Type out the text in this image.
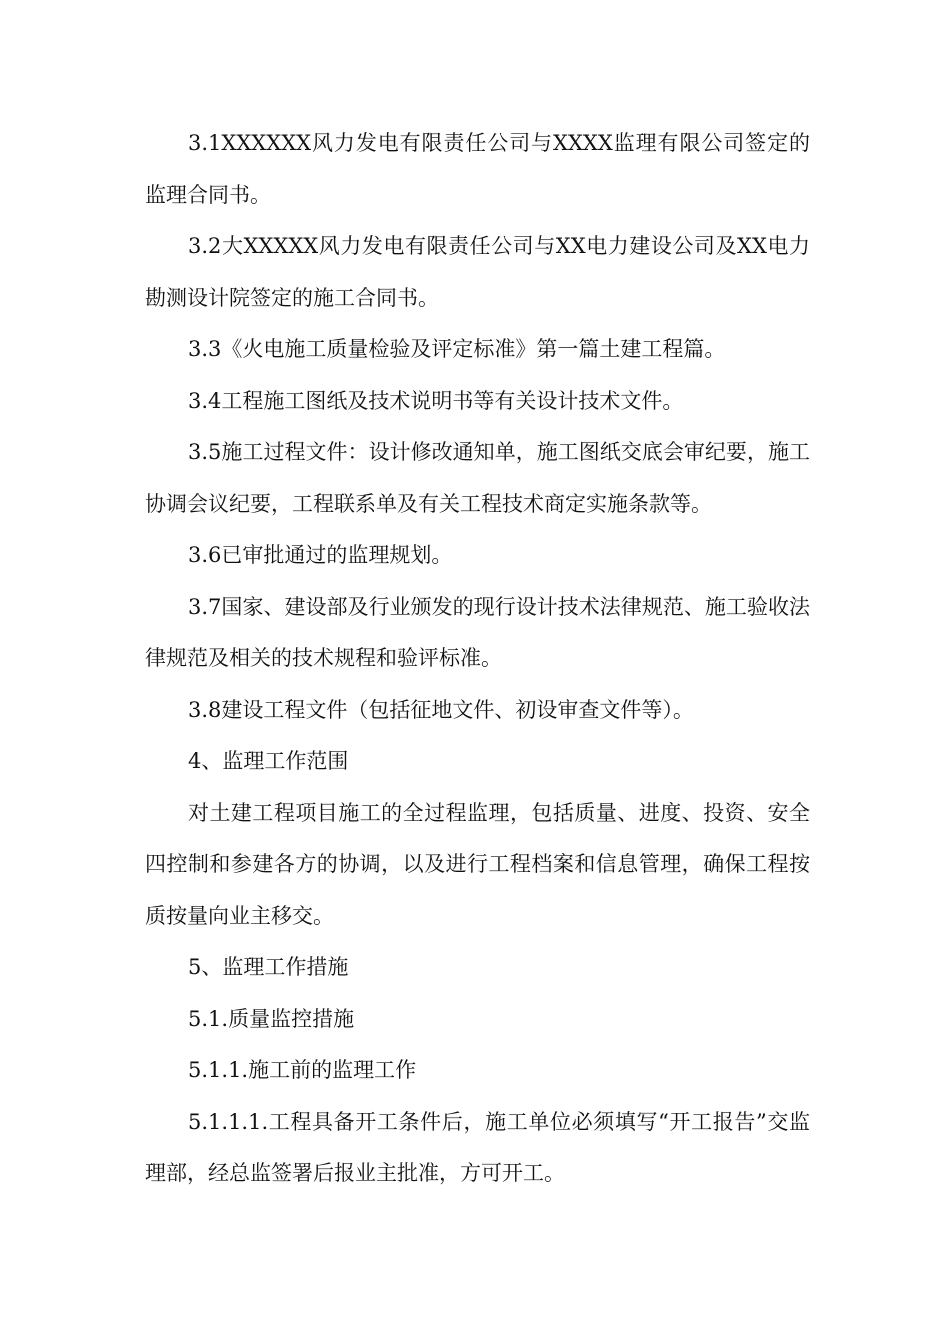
3.1XXXXXX风力发电有限责任公司与XXXX监理有限公司签定的监理合同书。

3.2大XXXXX风力发电有限责任公司与XX电力建设公司及XX电力勘测设计院签定的施工合同书。

3.3《火电施工质量检验及评定标准》第一篇土建工程篇。

3.4工程施工图纸及技术说明书等有关设计技术文件。

3.5施工过程文件：设计修改通知单，施工图纸交底会审纪要，施工协调会议纪要，工程联系单及有关工程技术商定实施条款等。

3.6已审批通过的监理规划。

3.7国家、建设部及行业颁发的现行设计技术法律规范、施工验收法律规范及相关的技术规程和验评标准。

3.8建设工程文件（包括征地文件、初设审查文件等）。

4、监理工作范围

对土建工程项目施工的全过程监理，包括质量、进度、投资、安全四控制和参建各方的协调，以及进行工程档案和信息管理，确保工程按质按量向业主移交。

5、监理工作措施

5.1.质量监控措施

5.1.1.施工前的监理工作

5.1.1.1.工程具备开工条件后，施工单位必须填写“开工报告”交监理部，经总监签署后报业主批准，方可开工。
